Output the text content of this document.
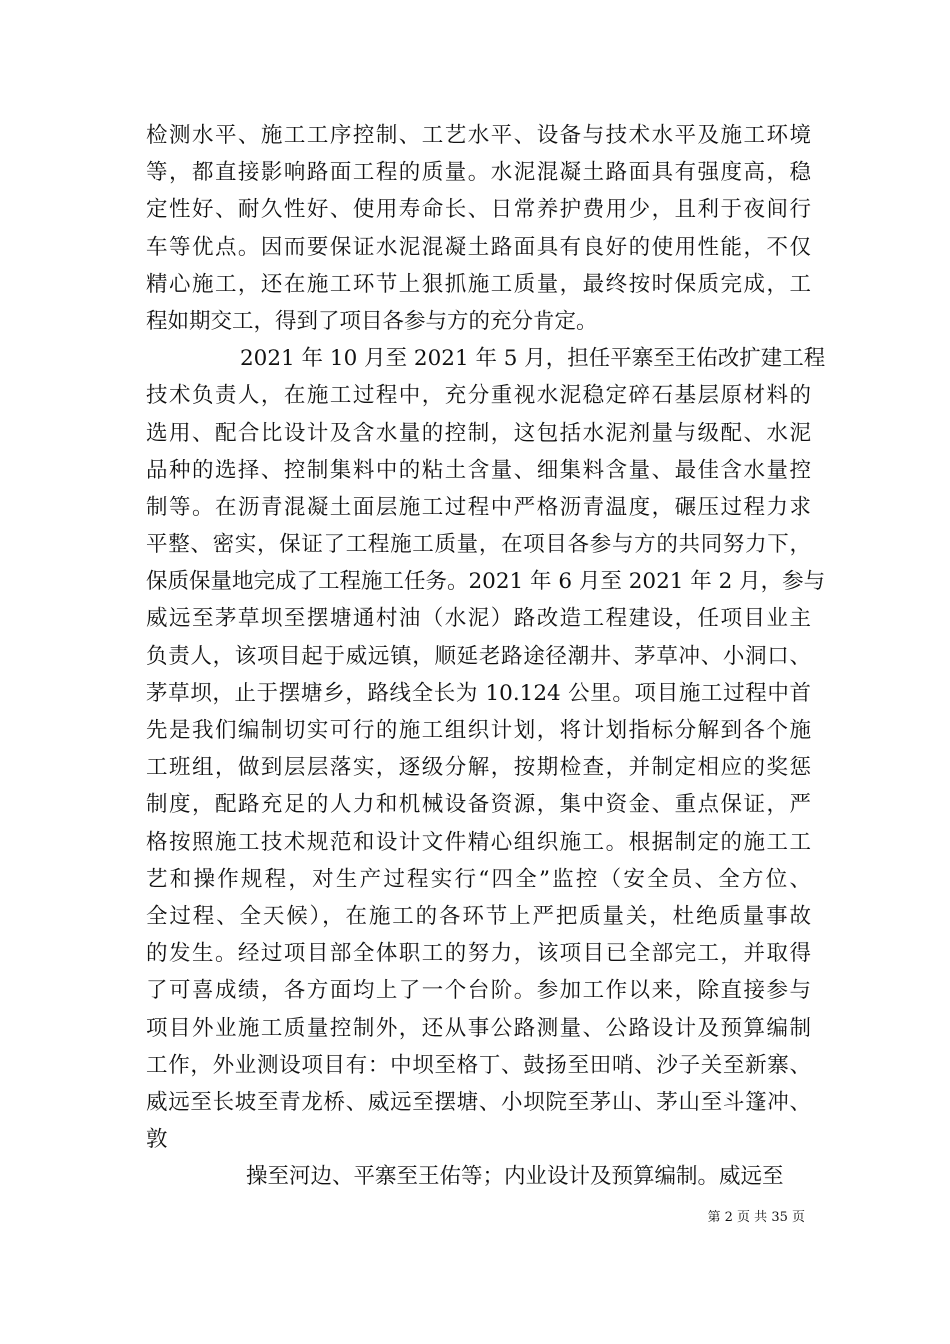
检测水平、施工工序控制、工艺水平、设备与技术水平及施工环境
等，都直接影响路面工程的质量。水泥混凝土路面具有强度高，稳
定性好、耐久性好、使用寿命长、日常养护费用少，且利于夜间行
车等优点。因而要保证水泥混凝土路面具有良好的使用性能，不仅
精心施工，还在施工环节上狠抓施工质量，最终按时保质完成，工
程如期交工，得到了项目各参与方的充分肯定。
2021 年 10 月至 2021 年 5 月，担任平寨至王佑改扩建工程
技术负责人，在施工过程中，充分重视水泥稳定碎石基层原材料的
选用、配合比设计及含水量的控制，这包括水泥剂量与级配、水泥
品种的选择、控制集料中的粘土含量、细集料含量、最佳含水量控
制等。在沥青混凝土面层施工过程中严格沥青温度，碾压过程力求
平整、密实，保证了工程施工质量，在项目各参与方的共同努力下，
保质保量地完成了工程施工任务。2021 年 6 月至 2021 年 2 月，参与
威远至茅草坝至摆塘通村油（水泥）路改造工程建设，任项目业主
负责人，该项目起于威远镇，顺延老路途径潮井、茅草冲、小洞口、
茅草坝，止于摆塘乡，路线全长为 10.124 公里。项目施工过程中首
先是我们编制切实可行的施工组织计划，将计划指标分解到各个施
工班组，做到层层落实，逐级分解，按期检查，并制定相应的奖惩
制度，配路充足的人力和机械设备资源，集中资金、重点保证，严
格按照施工技术规范和设计文件精心组织施工。根据制定的施工工
艺和操作规程，对生产过程实行“四全”监控（安全员、全方位、
全过程、全天候），在施工的各环节上严把质量关，杜绝质量事故
的发生。经过项目部全体职工的努力，该项目已全部完工，并取得
了可喜成绩，各方面均上了一个台阶。参加工作以来，除直接参与
项目外业施工质量控制外，还从事公路测量、公路设计及预算编制
工作，外业测设项目有：中坝至格丁、鼓扬至田哨、沙子关至新寨、
威远至长坡至青龙桥、威远至摆塘、小坝院至茅山、茅山至斗篷冲、
敦
操至河边、平寨至王佑等；内业设计及预算编制。威远至
第 2 页 共 35 页
